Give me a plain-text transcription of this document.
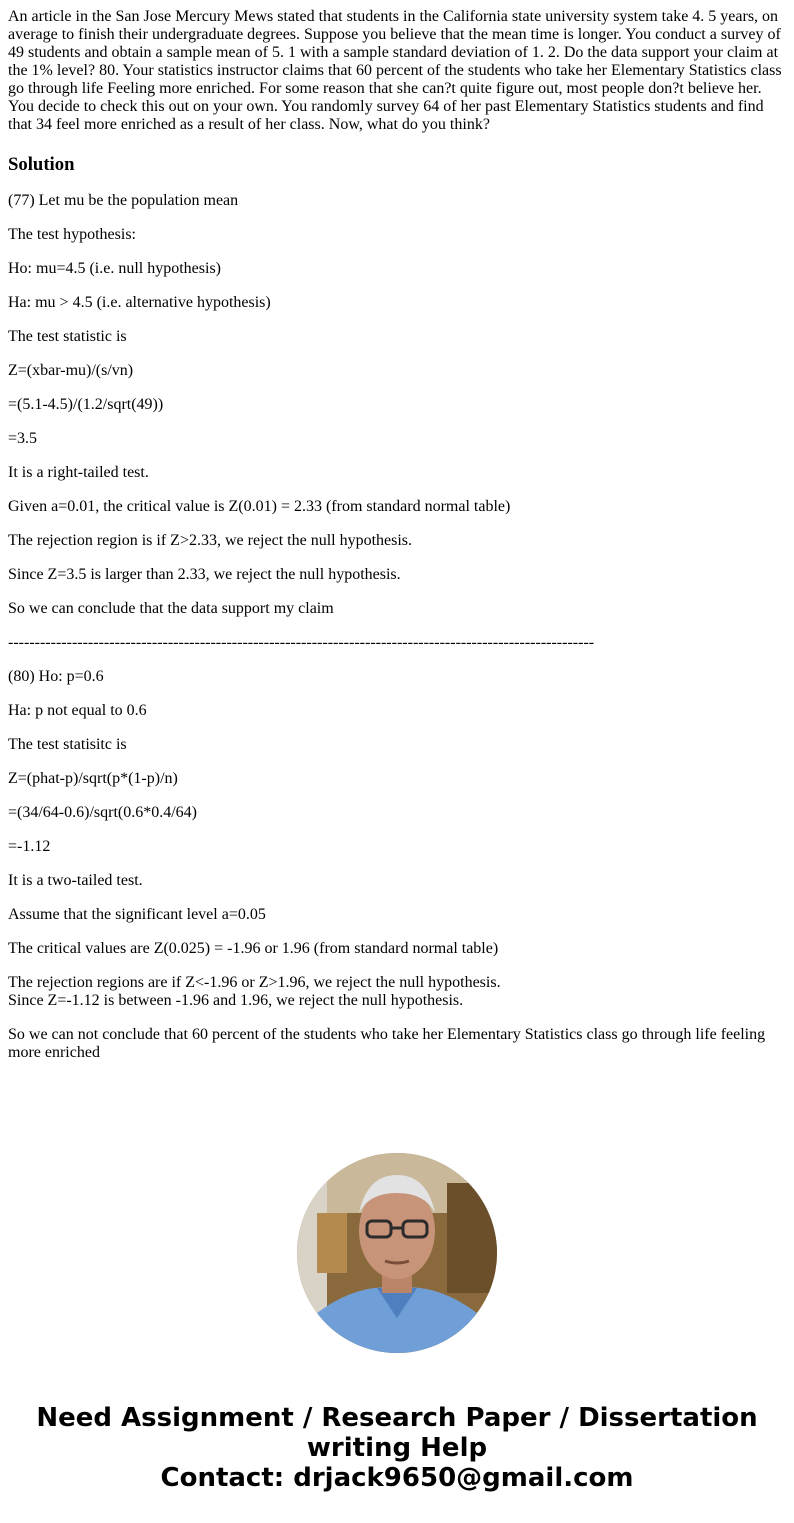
An article in the San Jose Mercury Mews stated that students in the California state university system take 4. 5 years, on average to finish their undergraduate degrees. Suppose you believe that the mean time is longer. You conduct a survey of 49 students and obtain a sample mean of 5. 1 with a sample standard deviation of 1. 2. Do the data support your claim at the 1% level? 80. Your statistics instructor claims that 60 percent of the students who take her Elementary Statistics class go through life Feeling more enriched. For some reason that she can?t quite figure out, most people don?t believe her. You decide to check this out on your own. You randomly survey 64 of her past Elementary Statistics students and find that 34 feel more enriched as a result of her class. Now, what do you think?

Solution

(77) Let mu be the population mean

The test hypothesis:

Ho: mu=4.5 (i.e. null hypothesis)

Ha: mu > 4.5 (i.e. alternative hypothesis)

The test statistic is

Z=(xbar-mu)/(s/vn)

=(5.1-4.5)/(1.2/sqrt(49))

=3.5

It is a right-tailed test.

Given a=0.01, the critical value is Z(0.01) = 2.33 (from standard normal table)

The rejection region is if Z>2.33, we reject the null hypothesis.

Since Z=3.5 is larger than 2.33, we reject the null hypothesis.

So we can conclude that the data support my claim

--------------------------------------------------------------------------------------------------------------

(80) Ho: p=0.6

Ha: p not equal to 0.6

The test statisitc is

Z=(phat-p)/sqrt(p*(1-p)/n)

=(34/64-0.6)/sqrt(0.6*0.4/64)

=-1.12

It is a two-tailed test.

Assume that the significant level a=0.05

The critical values are Z(0.025) = -1.96 or 1.96 (from standard normal table)

The rejection regions are if Z<-1.96 or Z>1.96, we reject the null hypothesis.

Since Z=-1.12 is between -1.96 and 1.96, we reject the null hypothesis.

So we can not conclude that 60 percent of the students who take her Elementary Statistics class go through life feeling more enriched

Need Assignment / Research Paper / Dissertation
writing Help
Contact: drjack9650@gmail.com
